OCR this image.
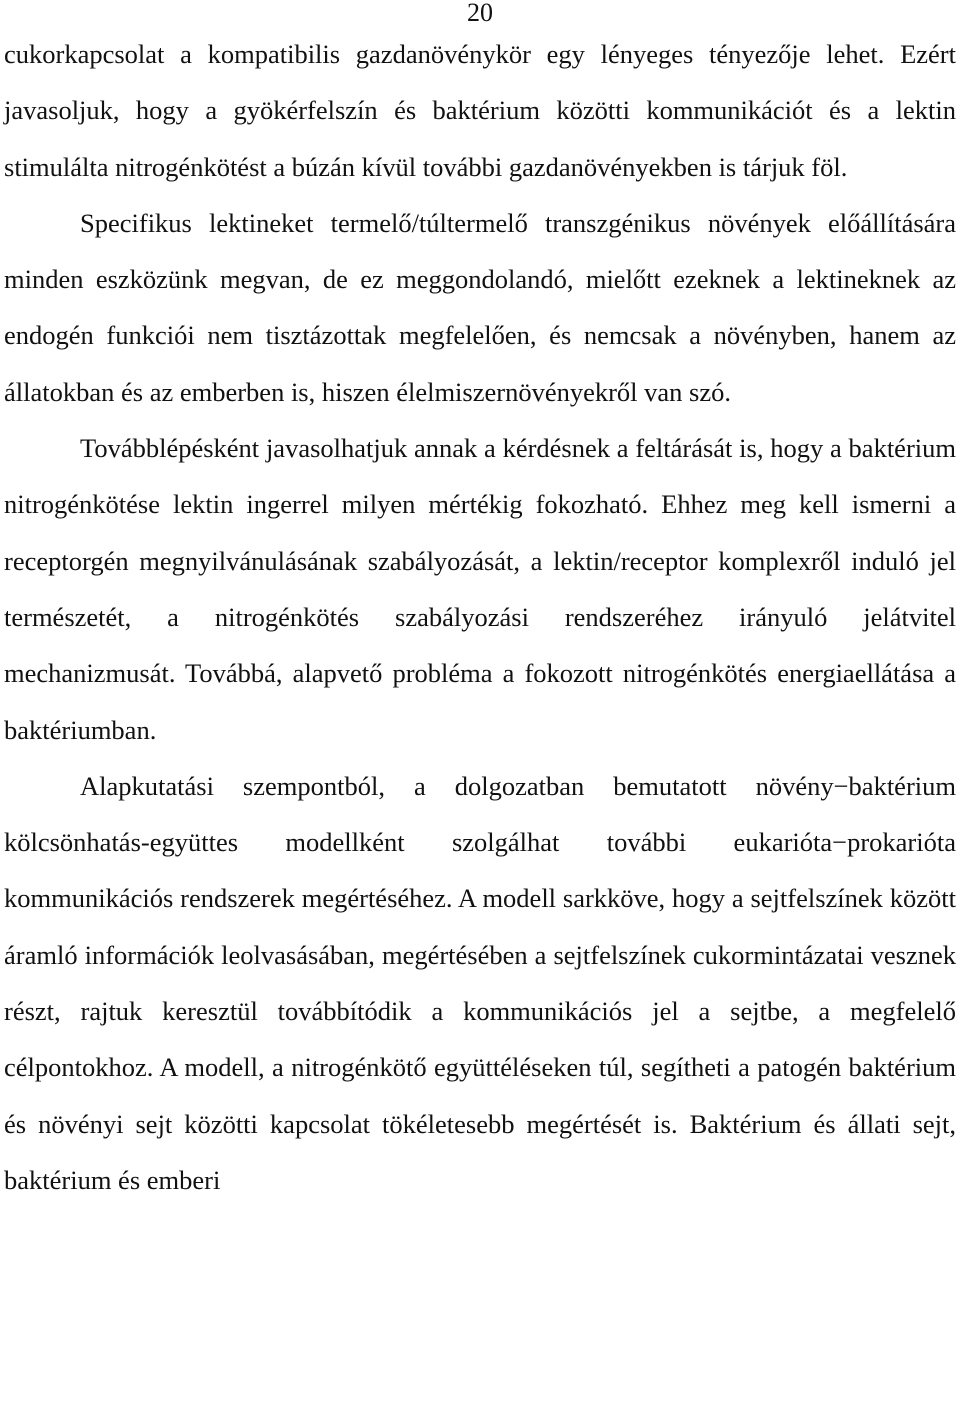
20

cukorkapcsolat a kompatibilis gazdanövénykör egy lényeges tényezője lehet. Ezért javasoljuk, hogy a gyökérfelszín és baktérium közötti kommunikációt és a lektin stimulálta nitrogénkötést a búzán kívül további gazdanövényekben is tárjuk föl.

Specifikus lektineket termelő/túltermelő transzgénikus növények előállítására minden eszközünk megvan, de ez meggondolandó, mielőtt ezeknek a lektineknek az endogén funkciói nem tisztázottak megfelelően, és nemcsak a növényben, hanem az állatokban és az emberben is, hiszen élelmiszernövényekről van szó.

Továbblépésként javasolhatjuk annak a kérdésnek a feltárását is, hogy a baktérium nitrogénkötése lektin ingerrel milyen mértékig fokozható. Ehhez meg kell ismerni a receptorgén megnyilvánulásának szabályozását, a lektin/receptor komplexről induló jel természetét, a nitrogénkötés szabályozási rendszeréhez irányuló jelátvitel mechanizmusát. Továbbá, alapvető probléma a fokozott nitrogénkötés energiaellátása a baktériumban.

Alapkutatási szempontból, a dolgozatban bemutatott növény−baktérium kölcsönhatás-együttes modellként szolgálhat további eukarióta−prokarióta kommunikációs rendszerek megértéséhez. A modell sarkköve, hogy a sejtfelszínek között áramló információk leolvasásában, megértésében a sejtfelszínek cukormintázatai vesznek részt, rajtuk keresztül továbbítódik a kommunikációs jel a sejtbe, a megfelelő célpontokhoz. A modell, a nitrogénkötő együttéléseken túl, segítheti a patogén baktérium és növényi sejt közötti kapcsolat tökéletesebb megértését is. Baktérium és állati sejt, baktérium és emberi
